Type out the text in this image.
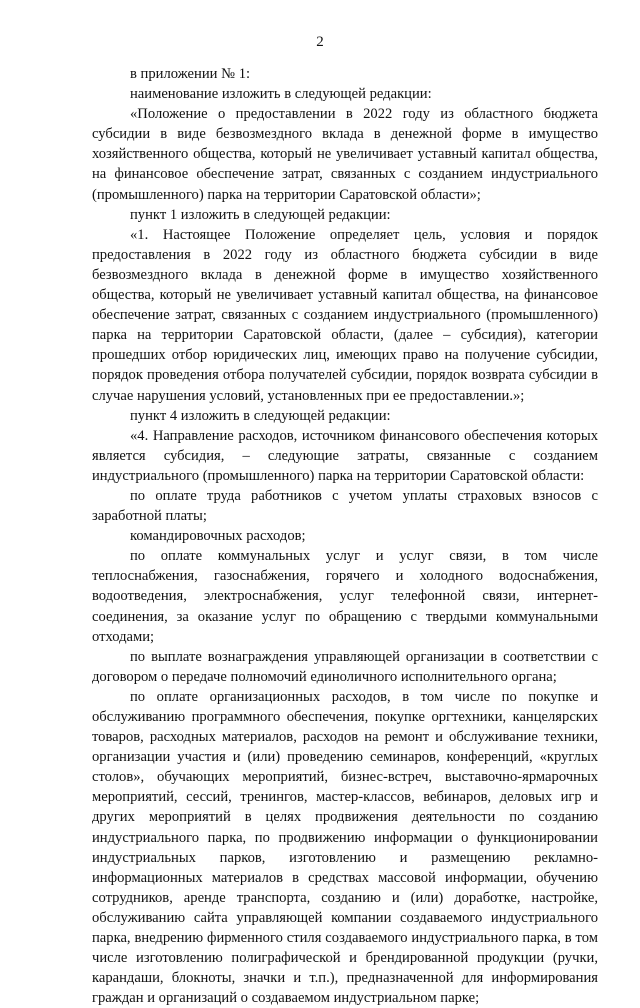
2

в приложении № 1:

наименование изложить в следующей редакции:

«Положение о предоставлении в 2022 году из областного бюджета субсидии в виде безвозмездного вклада в денежной форме в имущество хозяйственного общества, который не увеличивает уставный капитал общества, на финансовое обеспечение затрат, связанных с созданием индустриального (промышленного) парка на территории Саратовской области»;

пункт 1 изложить в следующей редакции:

«1. Настоящее Положение определяет цель, условия и порядок предоставления в 2022 году из областного бюджета субсидии в виде безвозмездного вклада в денежной форме в имущество хозяйственного общества, который не увеличивает уставный капитал общества, на финансовое обеспечение затрат, связанных с созданием индустриального (промышленного) парка на территории Саратовской области, (далее – субсидия), категории прошедших отбор юридических лиц, имеющих право на получение субсидии, порядок проведения отбора получателей субсидии, порядок возврата субсидии в случае нарушения условий, установленных при ее предоставлении.»;

пункт 4 изложить в следующей редакции:

«4. Направление расходов, источником финансового обеспечения которых является субсидия, – следующие затраты, связанные с созданием индустриального (промышленного) парка на территории Саратовской области:

по оплате труда работников с учетом уплаты страховых взносов с заработной платы;

командировочных расходов;

по оплате коммунальных услуг и услуг связи, в том числе теплоснабжения, газоснабжения, горячего и холодного водоснабжения, водоотведения, электроснабжения, услуг телефонной связи, интернет-соединения, за оказание услуг по обращению с твердыми коммунальными отходами;

по выплате вознаграждения управляющей организации в соответствии с договором о передаче полномочий единоличного исполнительного органа;

по оплате организационных расходов, в том числе по покупке и обслуживанию программного обеспечения, покупке оргтехники, канцелярских товаров, расходных материалов, расходов на ремонт и обслуживание техники, организации участия и (или) проведению семинаров, конференций, «круглых столов», обучающих мероприятий, бизнес-встреч, выставочно-ярмарочных мероприятий, сессий, тренингов, мастер-классов, вебинаров, деловых игр и других мероприятий в целях продвижения деятельности по созданию индустриального парка, по продвижению информации о функционировании индустриальных парков, изготовлению и размещению рекламно-информационных материалов в средствах массовой информации, обучению сотрудников, аренде транспорта, созданию и (или) доработке, настройке, обслуживанию сайта управляющей компании создаваемого индустриального парка, внедрению фирменного стиля создаваемого индустриального парка, в том числе изготовлению полиграфической и брендированной продукции (ручки, карандаши, блокноты, значки и т.п.), предназначенной для информирования граждан и организаций о создаваемом индустриальном парке;
